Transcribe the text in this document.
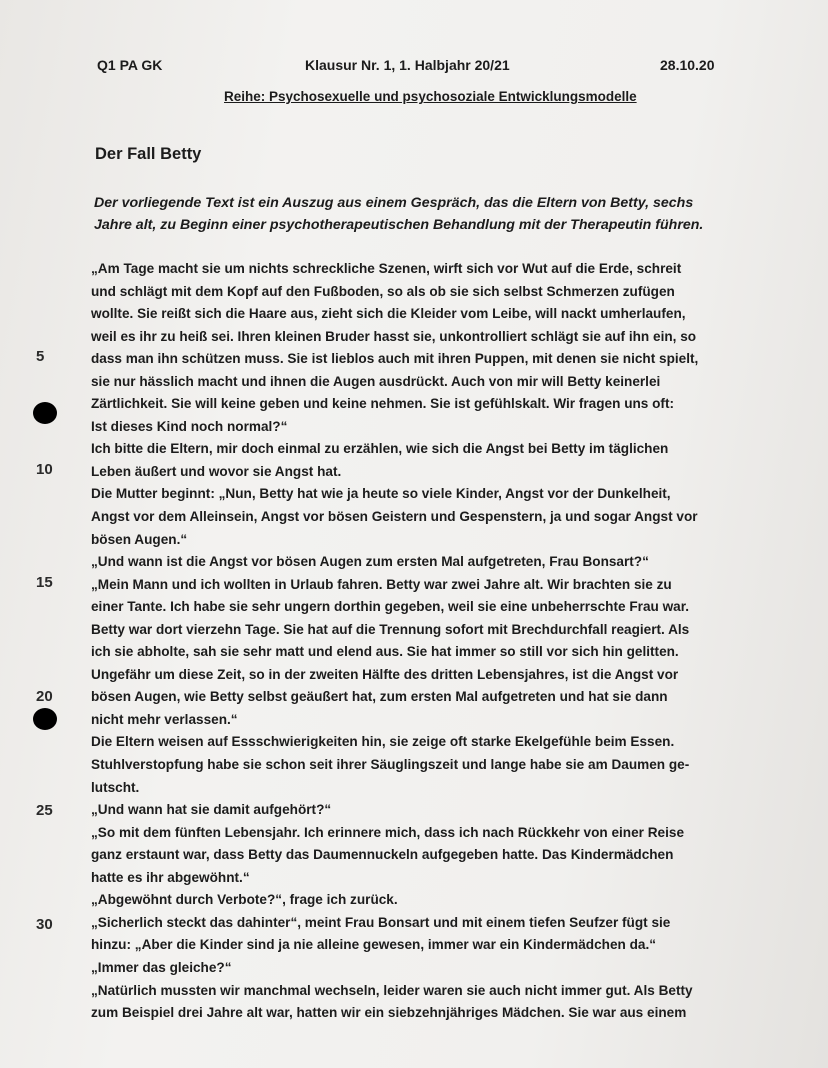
Q1 PA GK	Klausur Nr. 1, 1. Halbjahr 20/21	28.10.20
Reihe: Psychosexuelle und psychosoziale Entwicklungsmodelle
Der Fall Betty
Der vorliegende Text ist ein Auszug aus einem Gespräch, das die Eltern von Betty, sechs Jahre alt, zu Beginn einer psychotherapeutischen Behandlung mit der Therapeutin führen.
5
10
15
20
25
30
„Am Tage macht sie um nichts schreckliche Szenen, wirft sich vor Wut auf die Erde, schreit
und schlägt mit dem Kopf auf den Fußboden, so als ob sie sich selbst Schmerzen zufügen
wollte. Sie reißt sich die Haare aus, zieht sich die Kleider vom Leibe, will nackt umherlaufen,
weil es ihr zu heiß sei. Ihren kleinen Bruder hasst sie, unkontrolliert schlägt sie auf ihn ein, so
dass man ihn schützen muss. Sie ist lieblos auch mit ihren Puppen, mit denen sie nicht spielt,
sie nur hässlich macht und ihnen die Augen ausdrückt. Auch von mir will Betty keinerlei
Zärtlichkeit. Sie will keine geben und keine nehmen. Sie ist gefühlskalt. Wir fragen uns oft:
Ist dieses Kind noch normal?“
Ich bitte die Eltern, mir doch einmal zu erzählen, wie sich die Angst bei Betty im täglichen
Leben äußert und wovor sie Angst hat.
Die Mutter beginnt: „Nun, Betty hat wie ja heute so viele Kinder, Angst vor der Dunkelheit,
Angst vor dem Alleinsein, Angst vor bösen Geistern und Gespenstern, ja und sogar Angst vor
bösen Augen.“
„Und wann ist die Angst vor bösen Augen zum ersten Mal aufgetreten, Frau Bonsart?“
„Mein Mann und ich wollten in Urlaub fahren. Betty war zwei Jahre alt. Wir brachten sie zu
einer Tante. Ich habe sie sehr ungern dorthin gegeben, weil sie eine unbeherrschte Frau war.
Betty war dort vierzehn Tage. Sie hat auf die Trennung sofort mit Brechdurchfall reagiert. Als
ich sie abholte, sah sie sehr matt und elend aus. Sie hat immer so still vor sich hin gelitten.
Ungefähr um diese Zeit, so in der zweiten Hälfte des dritten Lebensjahres, ist die Angst vor
bösen Augen, wie Betty selbst geäußert hat, zum ersten Mal aufgetreten und hat sie dann
nicht mehr verlassen.“
Die Eltern weisen auf Essschwierigkeiten hin, sie zeige oft starke Ekelgefühle beim Essen.
Stuhlverstopfung habe sie schon seit ihrer Säuglingszeit und lange habe sie am Daumen ge-
lutscht.
„Und wann hat sie damit aufgehört?“
„So mit dem fünften Lebensjahr. Ich erinnere mich, dass ich nach Rückkehr von einer Reise
ganz erstaunt war, dass Betty das Daumennuckeln aufgegeben hatte. Das Kindermädchen
hatte es ihr abgewöhnt.“
„Abgewöhnt durch Verbote?“, frage ich zurück.
„Sicherlich steckt das dahinter“, meint Frau Bonsart und mit einem tiefen Seufzer fügt sie
hinzu: „Aber die Kinder sind ja nie alleine gewesen, immer war ein Kindermädchen da.“
„Immer das gleiche?“
„Natürlich mussten wir manchmal wechseln, leider waren sie auch nicht immer gut. Als Betty
zum Beispiel drei Jahre alt war, hatten wir ein siebzehnjähriges Mädchen. Sie war aus einem
